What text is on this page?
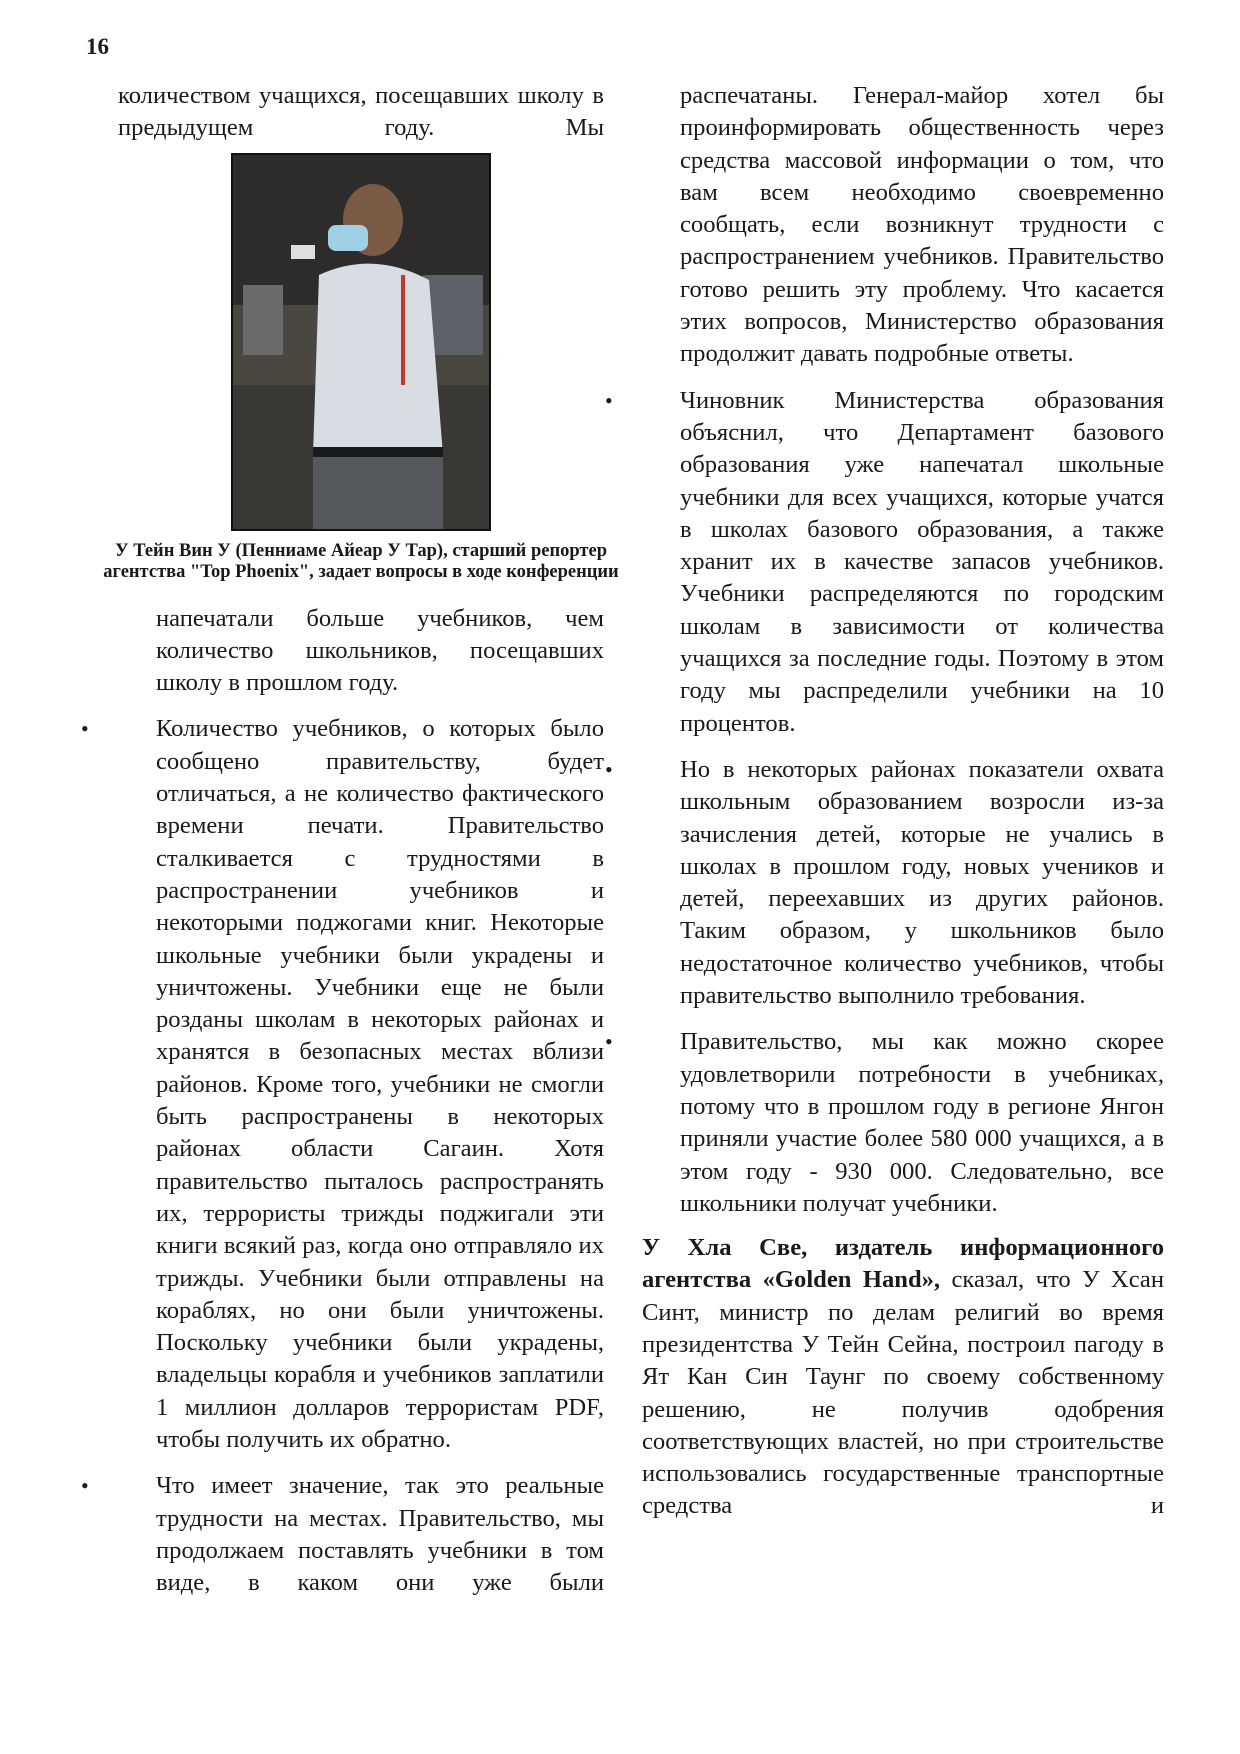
16

количеством учащихся, посещавших школу в предыдущем году. Мы

У Тейн Вин У (Пенниаме Айеар У Тар), старший репортер агентства "Top Phoenix", задает вопросы в ходе конференции

напечатали больше учебников, чем количество школьников, посещавших школу в прошлом году.

• Количество учебников, о которых было сообщено правительству, будет отличаться, а не количество фактического времени печати. Правительство сталкивается с трудностями в распространении учебников и некоторыми поджогами книг. Некоторые школьные учебники были украдены и уничтожены. Учебники еще не были розданы школам в некоторых районах и хранятся в безопасных местах вблизи районов. Кроме того, учебники не смогли быть распространены в некоторых районах области Сагаин. Хотя правительство пыталось распространять их, террористы трижды поджигали эти книги всякий раз, когда оно отправляло их трижды. Учебники были отправлены на кораблях, но они были уничтожены. Поскольку учебники были украдены, владельцы корабля и учебников заплатили 1 миллион долларов террористам PDF, чтобы получить их обратно.

• Что имеет значение, так это реальные трудности на местах. Правительство, мы продолжаем поставлять учебники в том виде, в каком они уже были

распечатаны. Генерал-майор хотел бы проинформировать общественность через средства массовой информации о том, что вам всем необходимо своевременно сообщать, если возникнут трудности с распространением учебников. Правительство готово решить эту проблему. Что касается этих вопросов, Министерство образования продолжит давать подробные ответы.

• Чиновник Министерства образования объяснил, что Департамент базового образования уже напечатал школьные учебники для всех учащихся, которые учатся в школах базового образования, а также хранит их в качестве запасов учебников. Учебники распределяются по городским школам в зависимости от количества учащихся за последние годы. Поэтому в этом году мы распределили учебники на 10 процентов.

• Но в некоторых районах показатели охвата школьным образованием возросли из-за зачисления детей, которые не учались в школах в прошлом году, новых учеников и детей, переехавших из других районов. Таким образом, у школьников было недостаточное количество учебников, чтобы правительство выполнило требования.

• Правительство, мы как можно скорее удовлетворили потребности в учебниках, потому что в прошлом году в регионе Янгон приняли участие более 580 000 учащихся, а в этом году - 930 000. Следовательно, все школьники получат учебники.

У Хла Све, издатель информационного агентства «Golden Hand», сказал, что У Хсан Синт, министр по делам религий во время президентства У Тейн Сейна, построил пагоду в Ят Кан Син Таунг по своему собственному решению, не получив одобрения соответствующих властей, но при строительстве использовались государственные транспортные средства и
